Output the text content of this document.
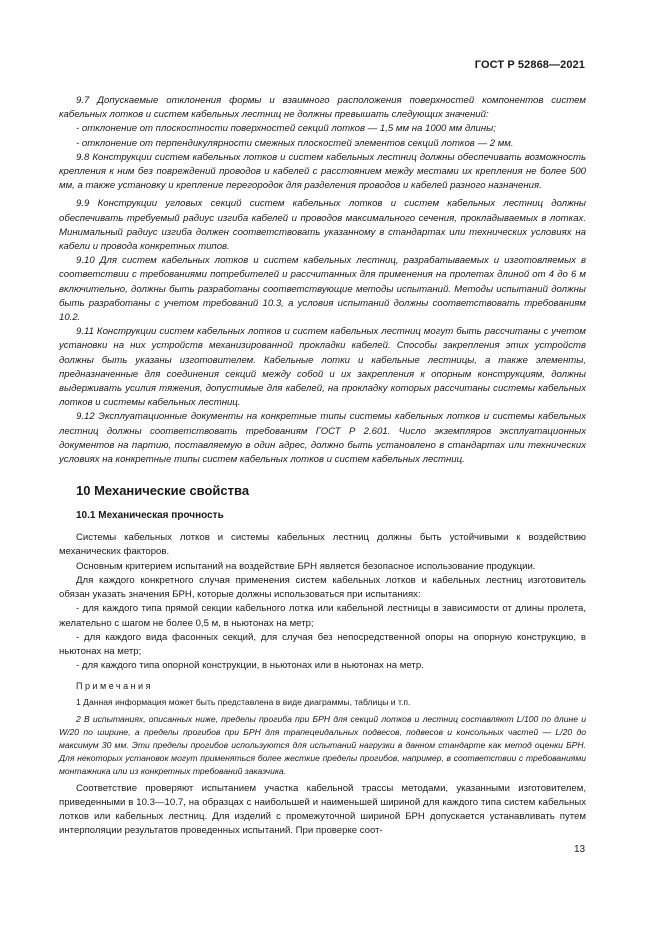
ГОСТ Р 52868—2021

9.7 Допускаемые отклонения формы и взаимного расположения поверхностей компонентов систем кабельных лотков и систем кабельных лестниц не должны превышать следующих значений:

- отклонение от плоскостности поверхностей секций лотков — 1,5 мм на 1000 мм длины;

- отклонение от перпендикулярности смежных плоскостей элементов секций лотков — 2 мм.

9.8 Конструкции систем кабельных лотков и систем кабельных лестниц должны обеспечивать возможность крепления к ним без повреждений проводов и кабелей с расстоянием между местами их крепления не более 500 мм, а также установку и крепление перегородок для разделения проводов и кабелей разного назначения.

9.9 Конструкции угловых секций систем кабельных лотков и систем кабельных лестниц должны обеспечивать требуемый радиус изгиба кабелей и проводов максимального сечения, прокладываемых в лотках. Минимальный радиус изгиба должен соответствовать указанному в стандартах или технических условиях на кабели и провода конкретных типов.

9.10 Для систем кабельных лотков и систем кабельных лестниц, разрабатываемых и изготовляемых в соответствии с требованиями потребителей и рассчитанных для применения на пролетах длиной от 4 до 6 м включительно, должны быть разработаны соответствующие методы испытаний. Методы испытаний должны быть разработаны с учетом требований 10.3, а условия испытаний должны соответствовать требованиям 10.2.

9.11 Конструкции систем кабельных лотков и систем кабельных лестниц могут быть рассчитаны с учетом установки на них устройств механизированной прокладки кабелей. Способы закрепления этих устройств должны быть указаны изготовителем. Кабельные лотки и кабельные лестницы, а также элементы, предназначенные для соединения секций между собой и их закрепления к опорным конструкциям, должны выдерживать усилия тяжения, допустимые для кабелей, на прокладку которых рассчитаны системы кабельных лотков и системы кабельных лестниц.

9.12 Эксплуатационные документы на конкретные типы системы кабельных лотков и системы кабельных лестниц должны соответствовать требованиям ГОСТ Р 2.601. Число экземпляров эксплуатационных документов на партию, поставляемую в один адрес, должно быть установлено в стандартах или технических условиях на конкретные типы систем кабельных лотков и систем кабельных лестниц.

10 Механические свойства
10.1 Механическая прочность

Системы кабельных лотков и системы кабельных лестниц должны быть устойчивыми к воздействию механических факторов.

Основным критерием испытаний на воздействие БРН является безопасное использование продукции.

Для каждого конкретного случая применения систем кабельных лотков и кабельных лестниц изготовитель обязан указать значения БРН, которые должны использоваться при испытаниях:

- для каждого типа прямой секции кабельного лотка или кабельной лестницы в зависимости от длины пролета, желательно с шагом не более 0,5 м, в ньютонах на метр;

- для каждого вида фасонных секций, для случая без непосредственной опоры на опорную конструкцию, в ньютонах на метр;

- для каждого типа опорной конструкции, в ньютонах или в ньютонах на метр.

Примечания

1 Данная информация может быть представлена в виде диаграммы, таблицы и т.п.

2 В испытаниях, описанных ниже, пределы прогиба при БРН для секций лотков и лестниц составляют L/100 по длине и W/20 по ширине, а пределы прогибов при БРН для трапецеидальных подвесов, подвесов и консольных частей — L/20 до максимум 30 мм. Эти пределы прогибов используются для испытаний нагрузки в данном стандарте как метод оценки БРН. Для некоторых установок могут применяться более жесткие пределы прогибов, например, в соответствии с требованиями монтажника или из конкретных требований заказчика.

Соответствие проверяют испытанием участка кабельной трассы методами, указанными изготовителем, приведенными в 10.3—10.7, на образцах с наибольшей и наименьшей шириной для каждого типа систем кабельных лотков или кабельных лестниц. Для изделий с промежуточной шириной БРН допускается устанавливать путем интерполяции результатов проведенных испытаний. При проверке соот-

13
